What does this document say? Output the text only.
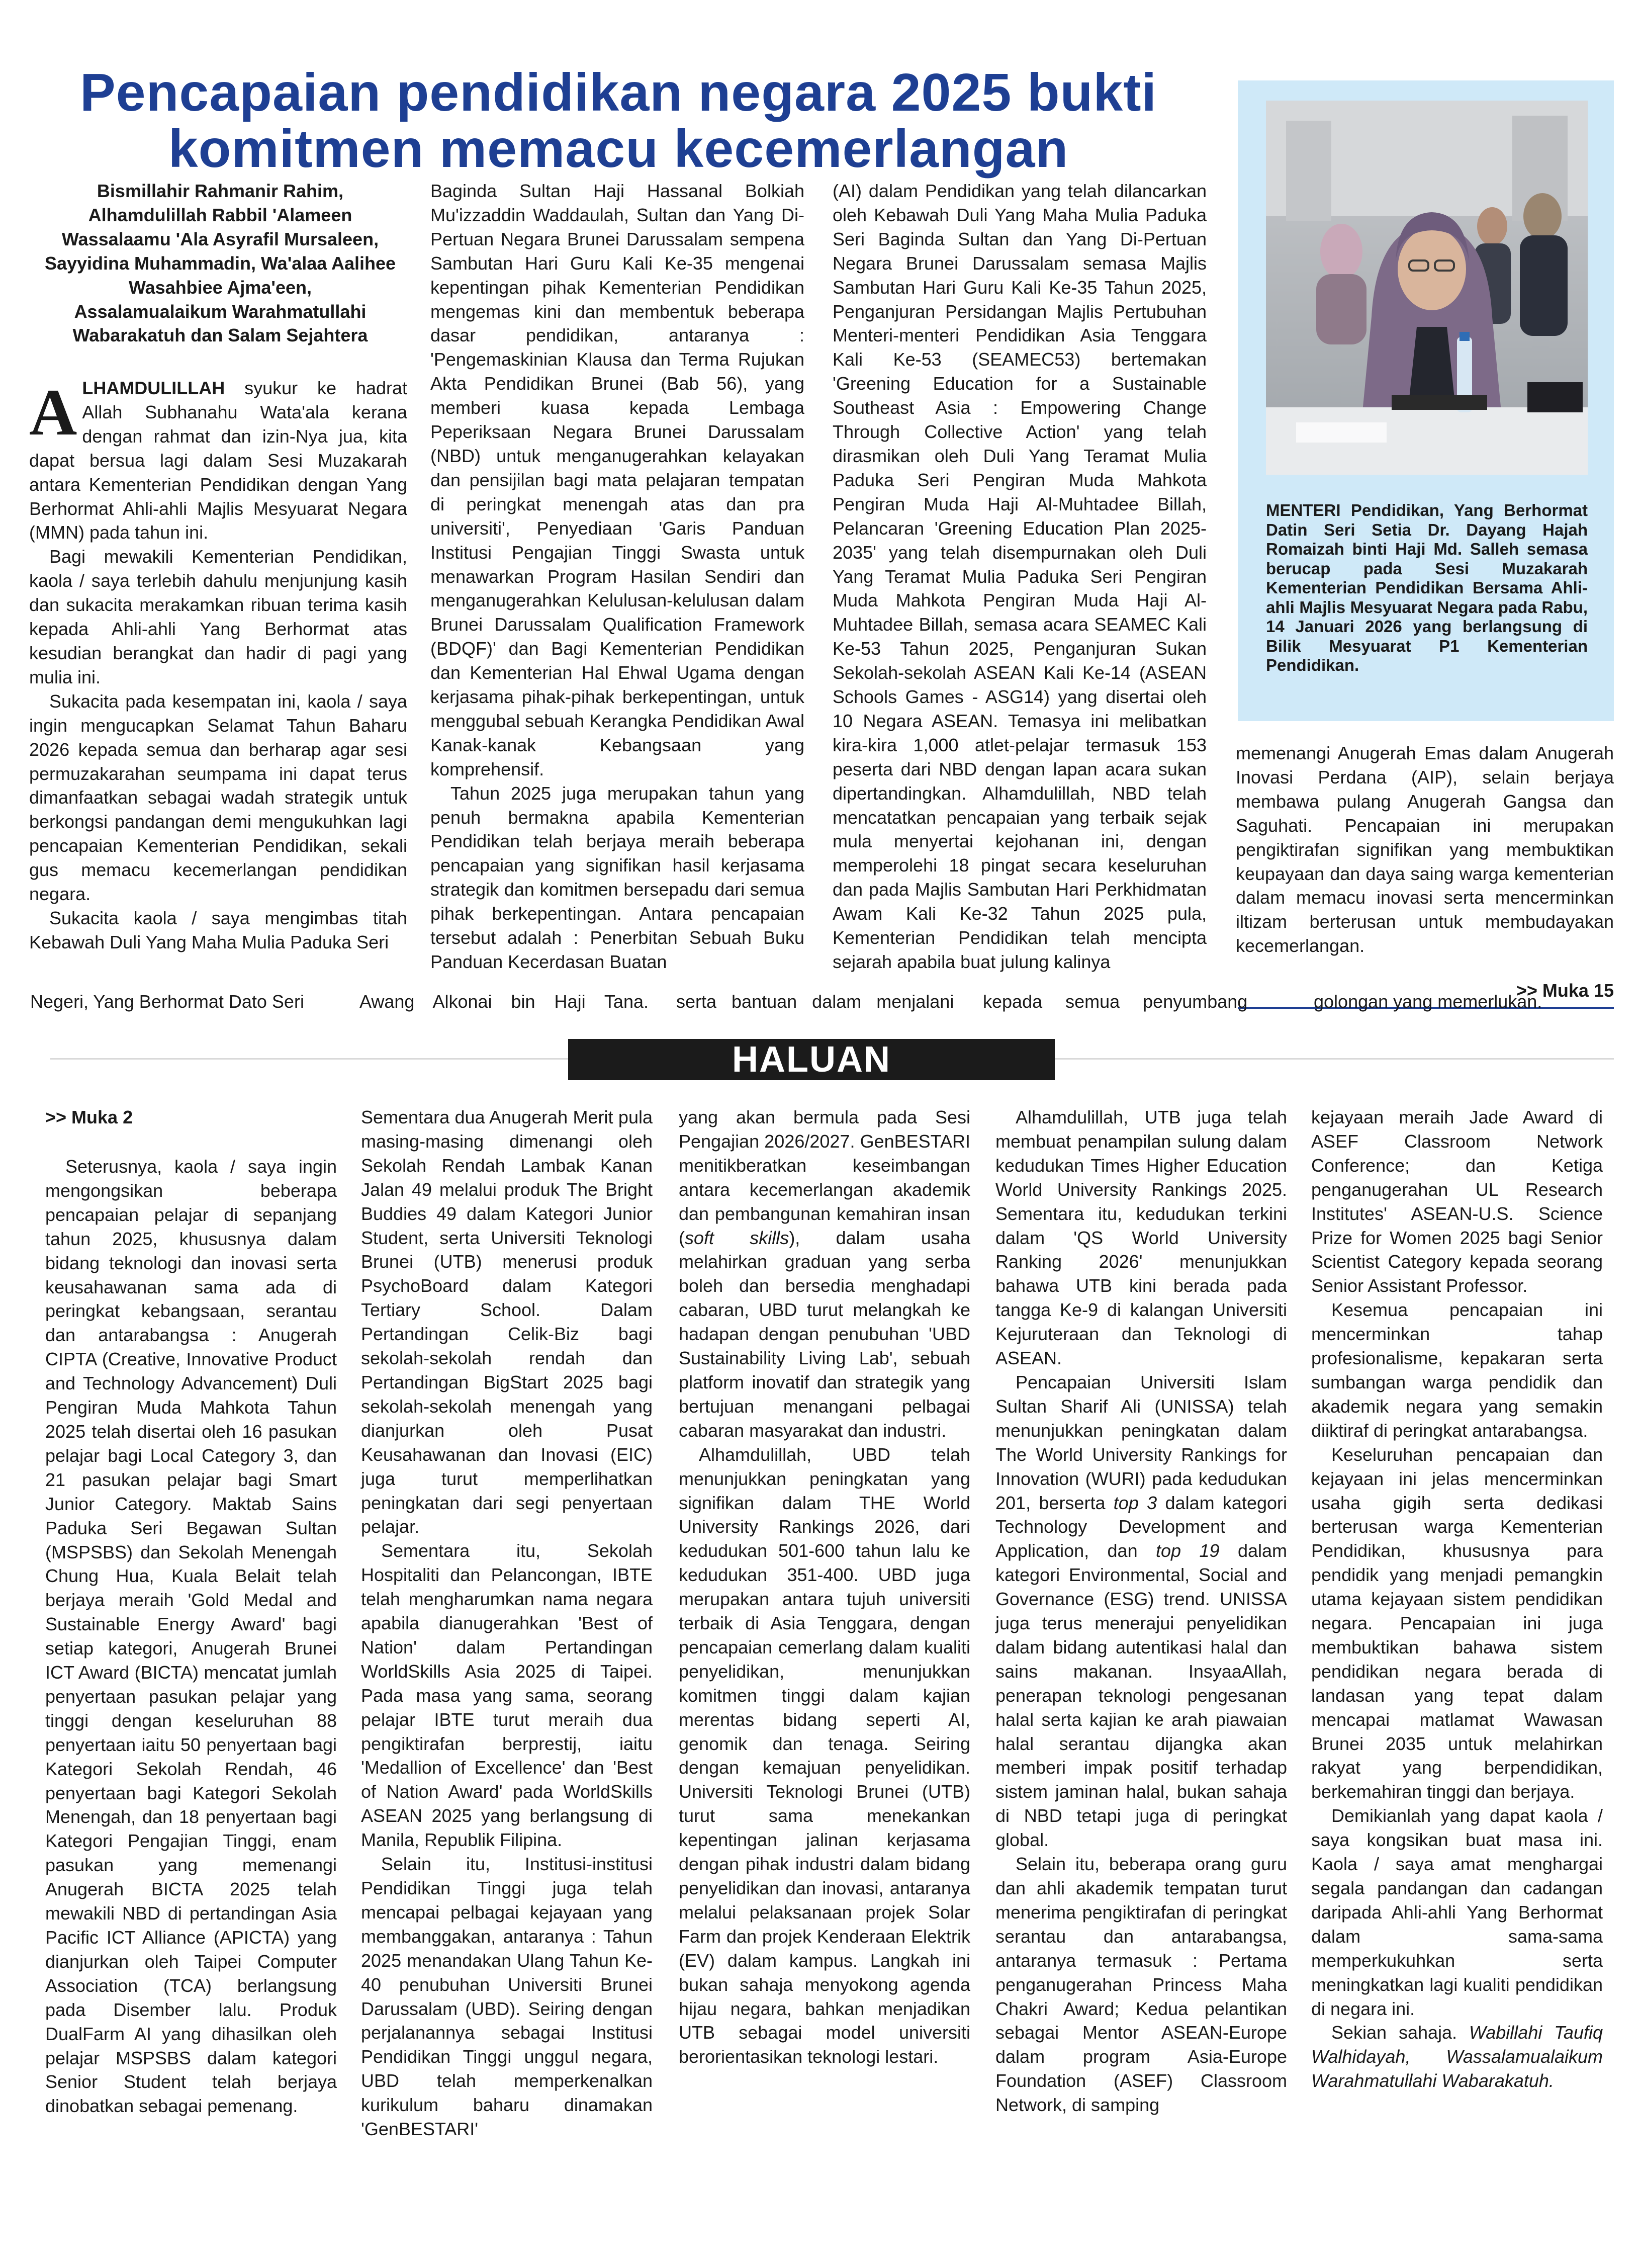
Pencapaian pendidikan negara 2025 bukti
komitmen memacu kecemerlangan

Bismillahir Rahmanir Rahim,
Alhamdulillah Rabbil 'Alameen
Wassalaamu 'Ala Asyrafil Mursaleen,
Sayyidina Muhammadin, Wa'alaa Aalihee
Wasahbiee Ajma'een,
Assalamualaikum Warahmatullahi
Wabarakatuh dan Salam Sejahtera

ALHAMDULILLAH syukur ke hadrat Allah Subhanahu Wata'ala kerana dengan rahmat dan izin-Nya jua, kita dapat bersua lagi dalam Sesi Muzakarah antara Kementerian Pendidikan dengan Yang Berhormat Ahli-ahli Majlis Mesyuarat Negara (MMN) pada tahun ini.

Bagi mewakili Kementerian Pendidikan, kaola / saya terlebih dahulu menjunjung kasih dan sukacita merakamkan ribuan terima kasih kepada Ahli-ahli Yang Berhormat atas kesudian berangkat dan hadir di pagi yang mulia ini.

Sukacita pada kesempatan ini, kaola / saya ingin mengucapkan Selamat Tahun Baharu 2026 kepada semua dan berharap agar sesi permuzakarahan seumpama ini dapat terus dimanfaatkan sebagai wadah strategik untuk berkongsi pandangan demi mengukuhkan lagi pencapaian Kementerian Pendidikan, sekali gus memacu kecemerlangan pendidikan negara.

Sukacita kaola / saya mengimbas titah Kebawah Duli Yang Maha Mulia Paduka Seri

Baginda Sultan Haji Hassanal Bolkiah Mu'izzaddin Waddaulah, Sultan dan Yang Di-Pertuan Negara Brunei Darussalam sempena Sambutan Hari Guru Kali Ke-35 mengenai kepentingan pihak Kementerian Pendidikan mengemas kini dan membentuk beberapa dasar pendidikan, antaranya : 'Pengemaskinian Klausa dan Terma Rujukan Akta Pendidikan Brunei (Bab 56), yang memberi kuasa kepada Lembaga Peperiksaan Negara Brunei Darussalam (NBD) untuk menganugerahkan kelayakan dan pensijilan bagi mata pelajaran tempatan di peringkat menengah atas dan pra universiti', Penyediaan 'Garis Panduan Institusi Pengajian Tinggi Swasta untuk menawarkan Program Hasilan Sendiri dan menganugerahkan Kelulusan-kelulusan dalam Brunei Darussalam Qualification Framework (BDQF)' dan Bagi Kementerian Pendidikan dan Kementerian Hal Ehwal Ugama dengan kerjasama pihak-pihak berkepentingan, untuk menggubal sebuah Kerangka Pendidikan Awal Kanak-kanak Kebangsaan yang komprehensif.

Tahun 2025 juga merupakan tahun yang penuh bermakna apabila Kementerian Pendidikan telah berjaya meraih beberapa pencapaian yang signifikan hasil kerjasama strategik dan komitmen bersepadu dari semua pihak berkepentingan. Antara pencapaian tersebut adalah : Penerbitan Sebuah Buku Panduan Kecerdasan Buatan

(AI) dalam Pendidikan yang telah dilancarkan oleh Kebawah Duli Yang Maha Mulia Paduka Seri Baginda Sultan dan Yang Di-Pertuan Negara Brunei Darussalam semasa Majlis Sambutan Hari Guru Kali Ke-35 Tahun 2025, Penganjuran Persidangan Majlis Pertubuhan Menteri-menteri Pendidikan Asia Tenggara Kali Ke-53 (SEAMEC53) bertemakan 'Greening Education for a Sustainable Southeast Asia : Empowering Change Through Collective Action' yang telah dirasmikan oleh Duli Yang Teramat Mulia Paduka Seri Pengiran Muda Mahkota Pengiran Muda Haji Al-Muhtadee Billah, Pelancaran 'Greening Education Plan 2025-2035' yang telah disempurnakan oleh Duli Yang Teramat Mulia Paduka Seri Pengiran Muda Mahkota Pengiran Muda Haji Al-Muhtadee Billah, semasa acara SEAMEC Kali Ke-53 Tahun 2025, Penganjuran Sukan Sekolah-sekolah ASEAN Kali Ke-14 (ASEAN Schools Games - ASG14) yang disertai oleh 10 Negara ASEAN. Temasya ini melibatkan kira-kira 1,000 atlet-pelajar termasuk 153 peserta dari NBD dengan lapan acara sukan dipertandingkan. Alhamdulillah, NBD telah mencatatkan pencapaian yang terbaik sejak mula menyertai kejohanan ini, dengan memperolehi 18 pingat secara keseluruhan dan pada Majlis Sambutan Hari Perkhidmatan Awam Kali Ke-32 Tahun 2025 pula, Kementerian Pendidikan telah mencipta sejarah apabila buat julung kalinya

MENTERI Pendidikan, Yang Berhormat Datin Seri Setia Dr. Dayang Hajah Romaizah binti Haji Md. Salleh semasa berucap pada Sesi Muzakarah Kementerian Pendidikan Bersama Ahli-ahli Majlis Mesyuarat Negara pada Rabu, 14 Januari 2026 yang berlangsung di Bilik Mesyuarat P1 Kementerian Pendidikan.

memenangi Anugerah Emas dalam Anugerah Inovasi Perdana (AIP), selain berjaya membawa pulang Anugerah Gangsa dan Saguhati. Pencapaian ini merupakan pengiktirafan signifikan yang membuktikan keupayaan dan daya saing warga kementerian dalam memacu inovasi serta mencerminkan iltizam berterusan untuk membudayakan kecemerlangan.

>> Muka 15
Negeri, Yang Berhormat Dato Seri	Awang Alkonai bin Haji Tana. serta bantuan dalam menjalani kepada semua penyumbang	golongan yang memerlukan.
HALUAN
>> Muka 2

Seterusnya, kaola / saya ingin mengongsikan beberapa pencapaian pelajar di sepanjang tahun 2025, khususnya dalam bidang teknologi dan inovasi serta keusahawanan sama ada di peringkat kebangsaan, serantau dan antarabangsa : Anugerah CIPTA (Creative, Innovative Product and Technology Advancement) Duli Pengiran Muda Mahkota Tahun 2025 telah disertai oleh 16 pasukan pelajar bagi Local Category 3, dan 21 pasukan pelajar bagi Smart Junior Category. Maktab Sains Paduka Seri Begawan Sultan (MSPSBS) dan Sekolah Menengah Chung Hua, Kuala Belait telah berjaya meraih 'Gold Medal and Sustainable Energy Award' bagi setiap kategori, Anugerah Brunei ICT Award (BICTA) mencatat jumlah penyertaan pasukan pelajar yang tinggi dengan keseluruhan 88 penyertaan iaitu 50 penyertaan bagi Kategori Sekolah Rendah, 46 penyertaan bagi Kategori Sekolah Menengah, dan 18 penyertaan bagi Kategori Pengajian Tinggi, enam pasukan yang memenangi Anugerah BICTA 2025 telah mewakili NBD di pertandingan Asia Pacific ICT Alliance (APICTA) yang dianjurkan oleh Taipei Computer Association (TCA) berlangsung pada Disember lalu. Produk DualFarm AI yang dihasilkan oleh pelajar MSPSBS dalam kategori Senior Student telah berjaya dinobatkan sebagai pemenang.

Sementara dua Anugerah Merit pula masing-masing dimenangi oleh Sekolah Rendah Lambak Kanan Jalan 49 melalui produk The Bright Buddies 49 dalam Kategori Junior Student, serta Universiti Teknologi Brunei (UTB) menerusi produk PsychoBoard dalam Kategori Tertiary School. Dalam Pertandingan Celik-Biz bagi sekolah-sekolah rendah dan Pertandingan BigStart 2025 bagi sekolah-sekolah menengah yang dianjurkan oleh Pusat Keusahawanan dan Inovasi (EIC) juga turut memperlihatkan peningkatan dari segi penyertaan pelajar.

Sementara itu, Sekolah Hospitaliti dan Pelancongan, IBTE telah mengharumkan nama negara apabila dianugerahkan 'Best of Nation' dalam Pertandingan WorldSkills Asia 2025 di Taipei. Pada masa yang sama, seorang pelajar IBTE turut meraih dua pengiktirafan berprestij, iaitu 'Medallion of Excellence' dan 'Best of Nation Award' pada WorldSkills ASEAN 2025 yang berlangsung di Manila, Republik Filipina.

Selain itu, Institusi-institusi Pendidikan Tinggi juga telah mencapai pelbagai kejayaan yang membanggakan, antaranya : Tahun 2025 menandakan Ulang Tahun Ke-40 penubuhan Universiti Brunei Darussalam (UBD). Seiring dengan perjalanannya sebagai Institusi Pendidikan Tinggi unggul negara, UBD telah memperkenalkan kurikulum baharu dinamakan 'GenBESTARI'

yang akan bermula pada Sesi Pengajian 2026/2027. GenBESTARI menitikberatkan keseimbangan antara kecemerlangan akademik dan pembangunan kemahiran insan (soft skills), dalam usaha melahirkan graduan yang serba boleh dan bersedia menghadapi cabaran, UBD turut melangkah ke hadapan dengan penubuhan 'UBD Sustainability Living Lab', sebuah platform inovatif dan strategik yang bertujuan menangani pelbagai cabaran masyarakat dan industri.

Alhamdulillah, UBD telah menunjukkan peningkatan yang signifikan dalam THE World University Rankings 2026, dari kedudukan 501-600 tahun lalu ke kedudukan 351-400. UBD juga merupakan antara tujuh universiti terbaik di Asia Tenggara, dengan pencapaian cemerlang dalam kualiti penyelidikan, menunjukkan komitmen tinggi dalam kajian merentas bidang seperti AI, genomik dan tenaga. Seiring dengan kemajuan penyelidikan. Universiti Teknologi Brunei (UTB) turut sama menekankan kepentingan jalinan kerjasama dengan pihak industri dalam bidang penyelidikan dan inovasi, antaranya melalui pelaksanaan projek Solar Farm dan projek Kenderaan Elektrik (EV) dalam kampus. Langkah ini bukan sahaja menyokong agenda hijau negara, bahkan menjadikan UTB sebagai model universiti berorientasikan teknologi lestari.

Alhamdulillah, UTB juga telah membuat penampilan sulung dalam kedudukan Times Higher Education World University Rankings 2025. Sementara itu, kedudukan terkini dalam 'QS World University Ranking 2026' menunjukkan bahawa UTB kini berada pada tangga Ke-9 di kalangan Universiti Kejuruteraan dan Teknologi di ASEAN.

Pencapaian Universiti Islam Sultan Sharif Ali (UNISSA) telah menunjukkan peningkatan dalam The World University Rankings for Innovation (WURI) pada kedudukan 201, berserta top 3 dalam kategori Technology Development and Application, dan top 19 dalam kategori Environmental, Social and Governance (ESG) trend. UNISSA juga terus menerajui penyelidikan dalam bidang autentikasi halal dan sains makanan. InsyaaAllah, penerapan teknologi pengesanan halal serta kajian ke arah piawaian halal serantau dijangka akan memberi impak positif terhadap sistem jaminan halal, bukan sahaja di NBD tetapi juga di peringkat global.

Selain itu, beberapa orang guru dan ahli akademik tempatan turut menerima pengiktirafan di peringkat serantau dan antarabangsa, antaranya termasuk : Pertama penganugerahan Princess Maha Chakri Award; Kedua pelantikan sebagai Mentor ASEAN-Europe dalam program Asia-Europe Foundation (ASEF) Classroom Network, di samping

kejayaan meraih Jade Award di ASEF Classroom Network Conference; dan Ketiga penganugerahan UL Research Institutes' ASEAN-U.S. Science Prize for Women 2025 bagi Senior Scientist Category kepada seorang Senior Assistant Professor.

Kesemua pencapaian ini mencerminkan tahap profesionalisme, kepakaran serta sumbangan warga pendidik dan akademik negara yang semakin diiktiraf di peringkat antarabangsa.

Keseluruhan pencapaian dan kejayaan ini jelas mencerminkan usaha gigih serta dedikasi berterusan warga Kementerian Pendidikan, khususnya para pendidik yang menjadi pemangkin utama kejayaan sistem pendidikan negara. Pencapaian ini juga membuktikan bahawa sistem pendidikan negara berada di landasan yang tepat dalam mencapai matlamat Wawasan Brunei 2035 untuk melahirkan rakyat yang berpendidikan, berkemahiran tinggi dan berjaya.

Demikianlah yang dapat kaola / saya kongsikan buat masa ini. Kaola / saya amat menghargai segala pandangan dan cadangan daripada Ahli-ahli Yang Berhormat dalam sama-sama memperkukuhkan serta meningkatkan lagi kualiti pendidikan di negara ini.

Sekian sahaja. Wabillahi Taufiq Walhidayah, Wassalamualaikum Warahmatullahi Wabarakatuh.
